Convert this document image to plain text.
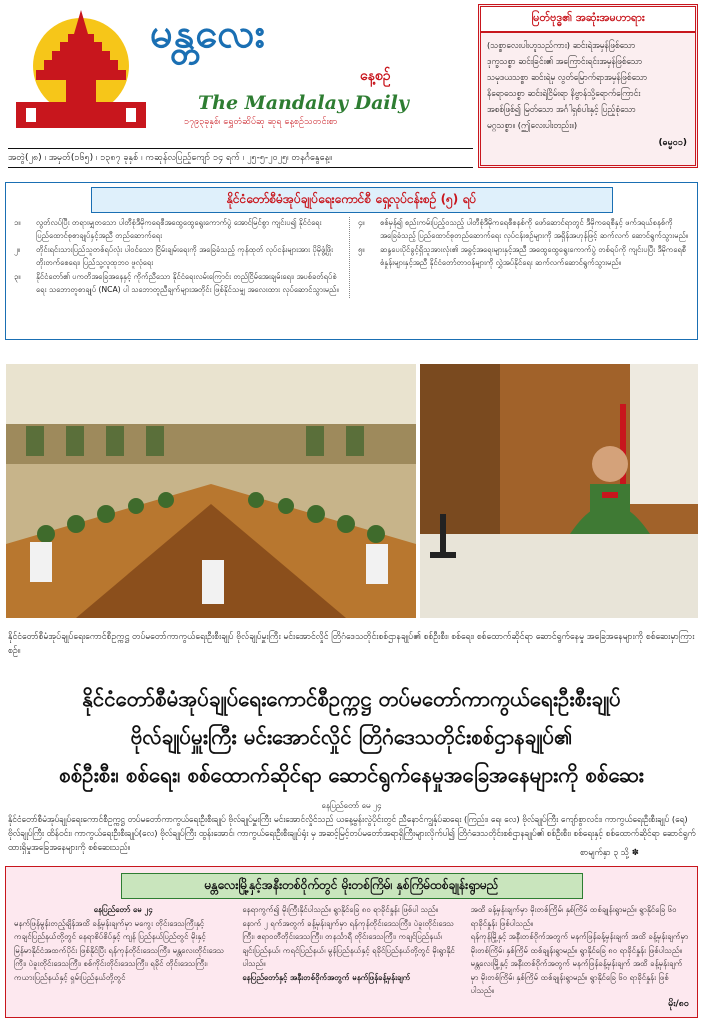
မန္တလေး
နေ့စဉ်
The Mandalay Daily
၁၇၉၃ခုနှစ်၊ ရွှေတံဆိပ်ဆု ဆုရ နေ့စဉ်သတင်းစာ
အတွဲ(၂၈) ၊ အမှတ်(၁၆၅) ၊ ၁၃၈၇ ခုနှစ် ၊ ကဆုန်လပြည့်ကျော် ၁၄ ရက် ၊ ၂၅-၅-၂၀၂၅၊ တနင်္ဂနွေနေ့။
မြတ်ဗုဒ္ဓ၏ အဆုံးအမဟာရား
(သစ္စာလေးပါးဟူသည်ကား) ဆင်းရဲအမှန်ဖြစ်သော
ဒုက္ခသစ္စာ ဆင်းခြင်း၏ အကြောင်းရင်းအမှန်ဖြစ်သော
သမုဒယသစ္စာ ဆင်းရဲမှ လွတ်မြောက်ရာအမှန်ဖြစ်သော
နိရောဓသစ္စာ ဆင်းရဲငြိမ်းရာ နိဗ္ဗာန်သို့ရောက်ကြောင်း
အစစ်ဖြစ်၍ မြတ်သော အင်္ဂါရှစ်ပါးနှင့် ပြည့်စုံသော
မဂ္ဂသစ္စာ။ (ဤလေးပါးတည်း။)
(ဓမ္မ၀၁)
နိုင်ငံတော်စီမံအုပ်ချုပ်ရေးကောင်စီ ရှေ့လုပ်ငန်းစဉ် (၅) ရပ်
၁။	လွတ်လပ်ပြီး တရားမျှတသော ပါတီစုံဒီမိုကရေစီအထွေထွေရွေးကောက်ပွဲ အောင်မြင်စွာ ကျင်းပ၍ နိုင်ငံရေး ပြည်ထောင်စုစာချုပ်နှင့်အညီ တည်ဆောက်ရေး
၂။	တိုင်းရင်းသားပြည်သူတစ်ရပ်လုံး ပါဝင်သော ငြိမ်းချမ်းရေးကို အခြေခံသည့် ကုန်ထုတ် လုပ်ငန်းများအား ပိုမိုဖွံ့ဖြိုးတိုးတက်စေရေး၊ ပြည်သူ့လူထုဘဝ ဖူလုံရေး
၃။	နိုင်ငံတော်၏ ပကတိအခြေအနေနှင့် ကိုက်ညီသော နိုင်ငံရေးလမ်းကြောင်း တည်ငြိမ်အေးချမ်းရေး၊ အပစ်ခတ်ရပ်စဲရေး သဘောတူစာချုပ် (NCA) ပါ သဘောတူညီချက်များအတိုင်း ဖြစ်နိုင်သမျှ အလေးထား လုပ်ဆောင်သွားမည်။
၄။	စစ်မှန်၍ စည်းကမ်းပြည့်ဝသည့် ပါတီစုံဒီမိုကရေစီစနစ်ကို ဖော်ဆောင်ရာတွင် ဒီမိုကရေစီနှင့် ဖက်ဒရယ်စနစ်ကို အခြေခံသည့် ပြည်ထောင်စုတည်ဆောက်ရေး လုပ်ငန်းစဉ်များကို အရှိန်အဟုန်ဖြင့် ဆက်လက် ဆောင်ရွက်သွားမည်။
၅။	ဆန္ဒပေးပိုင်ခွင့်ရှိသူအားလုံး၏ အခွင့်အရေးများနှင့်အညီ အထွေထွေရွေးကောက်ပွဲ တစ်ရပ်ကို ကျင်းပပြီး ဒီမိုကရေစီ စံနှုန်းများနှင့်အညီ နိုင်ငံတော်တာဝန်များကို လွှဲအပ်နိုင်ရေး ဆက်လက်ဆောင်ရွက်သွားမည်။
နိုင်ငံတော်စီမံအုပ်ချုပ်ရေးကောင်စီဥက္ကဋ္ဌ တပ်မတော်ကာကွယ်ရေးဦးစီးချုပ် ဗိုလ်ချုပ်မှူးကြီး မင်းအောင်လှိုင် တြိဂံဒေသတိုင်းစစ်ဌာနချုပ်၏ စစ်ဦးစီး၊ စစ်ရေး၊ စစ်ထောက်ဆိုင်ရာ ဆောင်ရွက်နေမှု အခြေအနေများကို စစ်ဆေးမှာကြားစဉ်။
နိုင်ငံတော်စီမံအုပ်ချုပ်ရေးကောင်စီဥက္ကဋ္ဌ တပ်မတော်ကာကွယ်ရေးဦးစီးချုပ်
ဗိုလ်ချုပ်မှူးကြီး မင်းအောင်လှိုင် တြိဂံဒေသတိုင်းစစ်ဌာနချုပ်၏
စစ်ဦးစီး၊ စစ်ရေး၊ စစ်ထောက်ဆိုင်ရာ ဆောင်ရွက်နေမှုအခြေအနေများကို စစ်ဆေး
နေပြည်တော် မေ ၂၄
နိုင်ငံတော်စီမံအုပ်ချုပ်ရေးကောင်စီဥက္ကဋ္ဌ တပ်မတော်ကာကွယ်ရေးဦးစီးချုပ် ဗိုလ်ချုပ်မှူးကြီး မင်းအောင်လှိုင်သည် ယနေ့မွန်းလွဲပိုင်းတွင် ညီနောင်ကျွန်ုပ်ဆရေး (ကြည်း၊ ရေ၊ လေ) ဗိုလ်ချုပ်ကြီး ကျော်စွာလင်း၊ ကာကွယ်ရေးဦးစီးချုပ် (ရေ) ဗိုလ်ချုပ်ကြီး ထိန်ဝင်း၊ ကာကွယ်ရေးဦးစီးချုပ်(လေ) ဗိုလ်ချုပ်ကြီး ထွန်းအောင်၊ ကာကွယ်ရေးဦးစီးချုပ်ရုံး မှ အဆင့်မြင့်တပ်မတော်အရာရှိကြီးများလိုက်ပါ၍ တြိဂံဒေသတိုင်းစစ်ဌာနချုပ်၏ စစ်ဦးစီး၊ စစ်ရေးနှင့် စစ်ထောက်ဆိုင်ရာ ဆောင်ရွက်ထားရှိမှုအခြေအနေများကို စစ်ဆေးသည်။
စာမျက်နှာ ၃ သို့ ✽
မန္တလေးမြို့နှင့်အနီးတစ်ဝိုက်တွင် မိုးတစ်ကြိမ်၊ နှစ်ကြိမ်ထစ်ချုန်းရွာမည်
နေပြည်တော် မေ ၂၄
မနက်ဖြန်မွန်းတည့်ချိန်အထိ ခန့်မှန်းချက်မှာ မကွေး တိုင်းဒေသကြီးနှင့် ကချင်ပြည်နယ်တို့တွင် နေရာစိပ်စိပ်နှင့် ကျန် ပြည်နယ်ပြည်တွင် မိုးနှင့် မြန်မာနိုင်ငံအထက်ပိုင်း ဖြစ်နိုင်ပြီး ရန်ကုန်တိုင်းဒေသကြီး၊ မန္တလေးတိုင်းဒေသကြီး၊ ပဲခူးတိုင်းဒေသကြီး၊ စစ်ကိုင်းတိုင်းဒေသကြီး၊ ရခိုင် တိုင်းဒေသကြီး၊ ကယားပြည်နယ်နှင့် ရှမ်းပြည်နယ်တို့တွင်
နေရာကွက်၍ မိုးကြီးနိုင်ပါသည်။ ရွာနိုင်ခြေ ၈၀ ရာခိုင်နှုန်း ဖြစ်ပါ သည်။
နောက် ၂ ရက်အတွက် ခန့်မှန်းချက်မှာ ရန်ကုန်တိုင်းဒေသကြီး၊ ပဲခူးတိုင်းဒေသကြီး၊ ဧရာဝတီတိုင်းဒေသကြီး၊ တနင်္သာရီ တိုင်းဒေသကြီး၊ ကချင်ပြည်နယ်၊ ချင်းပြည်နယ်၊ ကရင်ပြည်နယ်၊ မွန်ပြည်နယ်နှင့် ရခိုင်ပြည်နယ်တို့တွင် မိုးရွာနိုင်ပါသည်။
နေပြည်တော်နှင့် အနီးတစ်ဝိုက်အတွက် မနက်ဖြန်ခန့်မှန်းချက်
အထိ ခန့်မှန်းချက်မှာ မိုးတစ်ကြိမ်၊ နှစ်ကြိမ် ထစ်ချုန်းရွာမည်။ ရွာနိုင်ခြေ ၆၀ ရာခိုင်နှုန်း ဖြစ်ပါသည်။
ရန်ကုန်မြို့နှင့် အနီးတစ်ဝိုက်အတွက် မနက်ဖြန်ခန့်မှန်းချက် အထိ ခန့်မှန်းချက်မှာ မိုးတစ်ကြိမ်၊ နှစ်ကြိမ် ထစ်ချုန်းရွာမည်။ ရွာနိုင်ခြေ ၈၀ ရာခိုင်နှုန်း ဖြစ်ပါသည်။
မန္တလေးမြို့နှင့် အနီးတစ်ဝိုက်အတွက် မနက်ဖြန်ခန့်မှန်းချက် အထိ ခန့်မှန်းချက်မှာ မိုးတစ်ကြိမ်၊ နှစ်ကြိမ် ထစ်ချုန်းရွာမည်။ ရွာနိုင်ခြေ ၆၀ ရာခိုင်နှုန်း ဖြစ်ပါသည်။
မိုး/၈၀
